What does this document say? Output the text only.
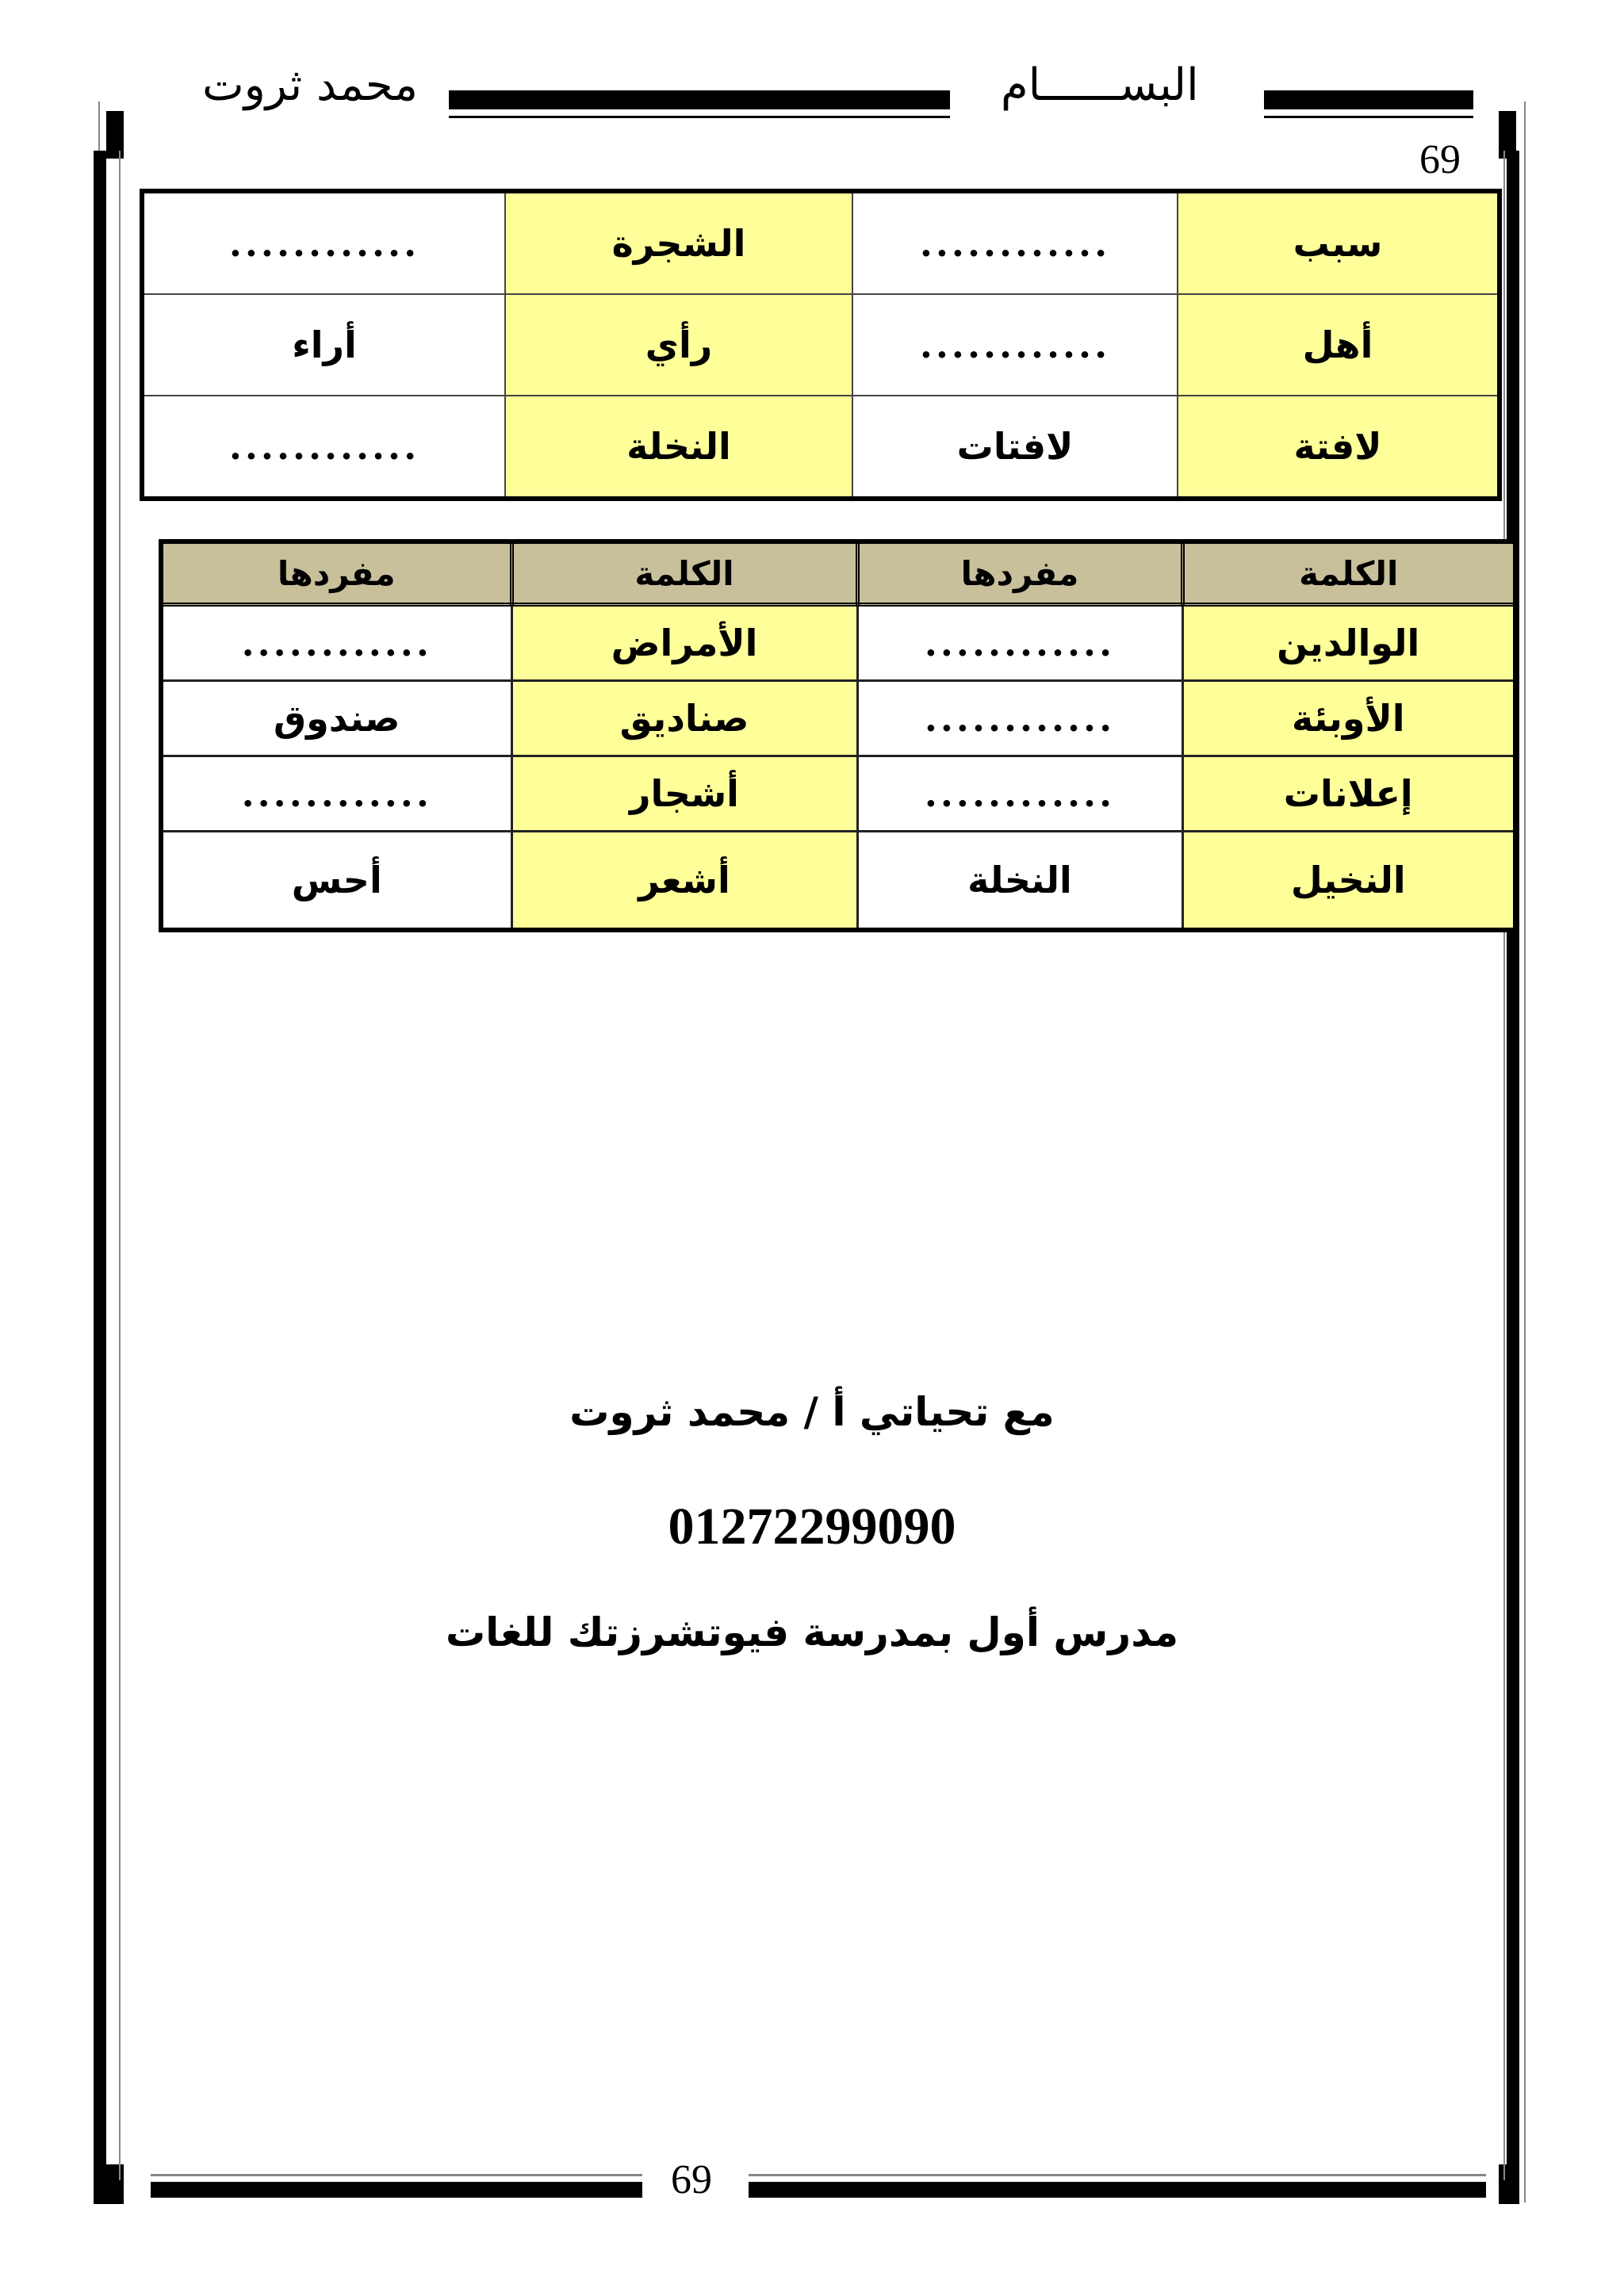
محمد ثروت	البســــــام
69
سبب	............	الشجرة	............
أهل	............	رأي	أراء
لافتة	لافتات	النخلة	............
الكلمة	مفردها	الكلمة	مفردها
الوالدين	............	الأمراض	............
الأوبئة	............	صناديق	صندوق
إعلانات	............	أشجار	............
النخيل	النخلة	أشعر	أحس
مع تحياتي أ / محمد ثروت
01272299090
مدرس أول بمدرسة فيوتشرزتك للغات
69
